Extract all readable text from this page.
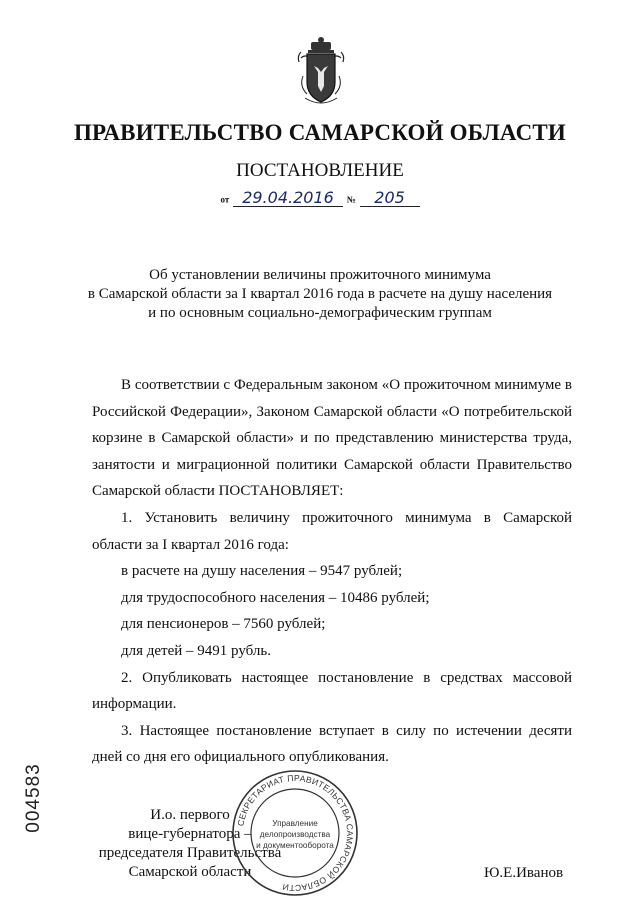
ПРАВИТЕЛЬСТВО САМАРСКОЙ ОБЛАСТИ
ПОСТАНОВЛЕНИЕ
от 29.04.2016 № 205
Об установлении величины прожиточного минимума
в Самарской области за I квартал 2016 года в расчете на душу населения
и по основным социально-демографическим группам

В соответствии с Федеральным законом «О прожиточном минимуме в Российской Федерации», Законом Самарской области «О потребительской корзине в Самарской области» и по представлению министерства труда, занятости и миграционной политики Самарской области Правительство Самарской области ПОСТАНОВЛЯЕТ:

1. Установить величину прожиточного минимума в Самарской области за I квартал 2016 года:

в расчете на душу населения – 9547 рублей;

для трудоспособного населения – 10486 рублей;

для пенсионеров – 7560 рублей;

для детей – 9491 рубль.

2. Опубликовать настоящее постановление в средствах массовой информации.

3. Настоящее постановление вступает в силу по истечении десяти дней со дня его официального опубликования.

004583	И.о. первого
вице-губернатора –
председателя Правительства
Самарской области
СЕКРЕТАРИАТ ПРАВИТЕЛЬСТВА САМАРСКОЙ ОБЛАСТИ
Управление
делопроизводства
и документооборота
Ю.Е.Иванов
